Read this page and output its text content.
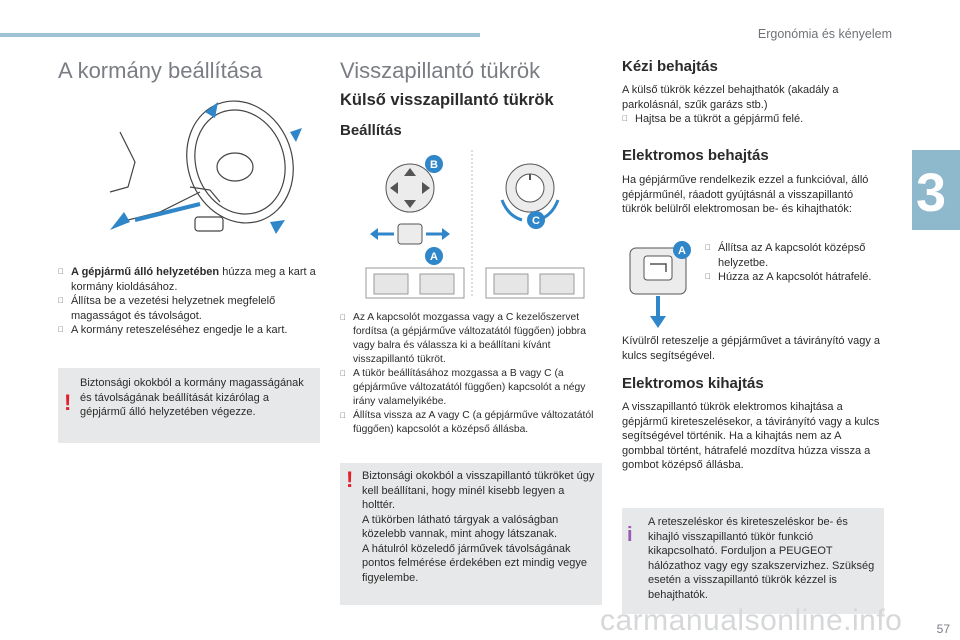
Ergonómia és kényelem
3
A kormány beállítása
A gépjármű álló helyzetében húzza meg a kart a kormány kioldásához.
Állítsa be a vezetési helyzetnek megfelelő magasságot és távolságot.
A kormány reteszeléséhez engedje le a kart.
!
Biztonsági okokból a kormány magasságának és távolságának beállítását kizárólag a gépjármű álló helyzetében végezze.
Visszapillantó tükrök
Külső visszapillantó tükrök
Beállítás
B
A
C
Az A kapcsolót mozgassa vagy a C kezelőszervet fordítsa (a gépjárműve változatától függően) jobbra vagy balra és válassza ki a beállítani kívánt visszapillantó tükröt.
A tükör beállításához mozgassa a B vagy C (a gépjárműve változatától függően) kapcsolót a négy irány valamelyikébe.
Állítsa vissza az A vagy C (a gépjárműve változatától függően) kapcsolót a középső állásba.
! Biztonsági okokból a visszapillantó tükröket úgy kell beállítani, hogy minél kisebb legyen a holttér.
A tükörben látható tárgyak a valóságban közelebb vannak, mint ahogy látszanak.
A hátulról közeledő járművek távolságának pontos felmérése érdekében ezt mindig vegye figyelembe.
Kézi behajtás
A külső tükrök kézzel behajthatók (akadály a parkolásnál, szűk garázs stb.)
Hajtsa be a tükröt a gépjármű felé.
Elektromos behajtás
Ha gépjárműve rendelkezik ezzel a funkcióval, álló gépjárműnél, ráadott gyújtásnál a visszapillantó tükrök belülről elektromosan be- és kihajthatók:
A	Állítsa az A kapcsolót középső helyzetbe.
Húzza az A kapcsolót hátrafelé.
Kívülről reteszelje a gépjárművet a távirányító vagy a kulcs segítségével.
Elektromos kihajtás
A visszapillantó tükrök elektromos kihajtása a gépjármű kireteszelésekor, a távirányító vagy a kulcs segítségével történik. Ha a kihajtás nem az A gombbal történt, hátrafelé mozdítva húzza vissza a gombot középső állásba.
i
A reteszeléskor és kireteszeléskor be- és kihajló visszapillantó tükör funkció kikapcsolható. Forduljon a PEUGEOT hálózathoz vagy egy szakszervizhez. Szükség esetén a visszapillantó tükrök kézzel is behajthatók.
carmanualsonline.info	57
